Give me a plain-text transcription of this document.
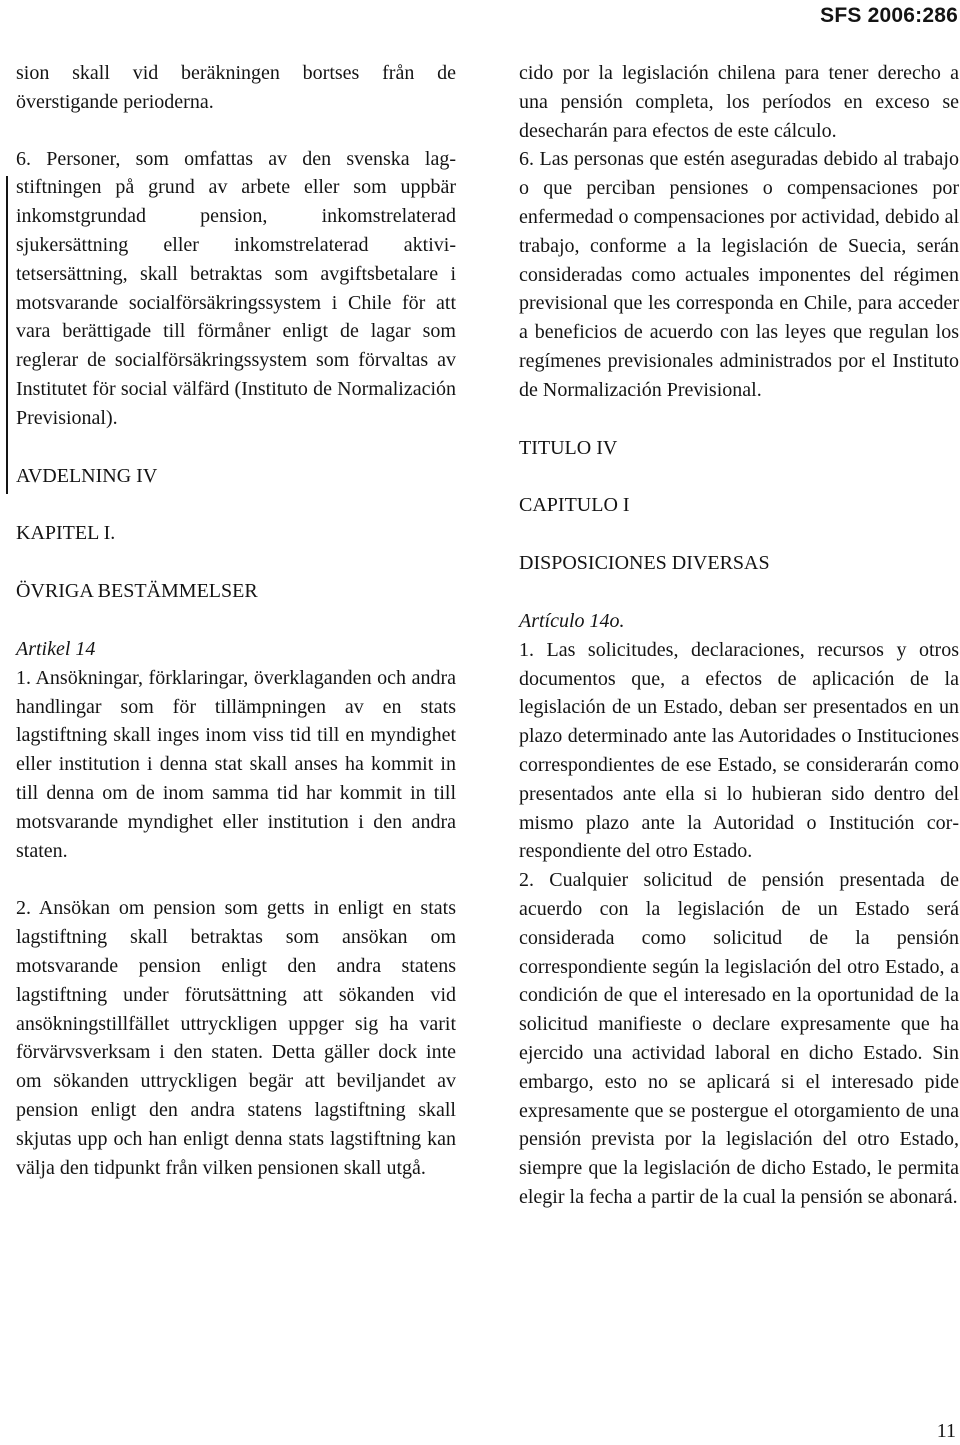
SFS 2006:286

sion skall vid beräkningen bortses från de överstigande perioderna.

6. Personer, som omfattas av den svenska lagstiftningen på grund av arbete eller som uppbär inkomstgrundad pension, inkomstrelaterad sjukersättning eller inkomstrelaterad aktivitetsersättning, skall betraktas som avgiftsbetalare i motsvarande socialförsäkringssystem i Chile för att vara berättigade till förmåner enligt de lagar som reglerar de socialförsäkringssystem som förvaltas av Institutet för social välfärd (Instituto de Normalización Previsional).

AVDELNING IV

KAPITEL I.

ÖVRIGA BESTÄMMELSER

Artikel 14

1. Ansökningar, förklaringar, överklaganden och andra handlingar som för tillämpningen av en stats lagstiftning skall inges inom viss tid till en myndighet eller institution i denna stat skall anses ha kommit in till denna om de inom samma tid har kommit in till motsvarande myndighet eller institution i den andra staten.

2. Ansökan om pension som getts in enligt en stats lagstiftning skall betraktas som ansökan om motsvarande pension enligt den andra statens lagstiftning under förutsättning att sökanden vid ansökningstillfället uttryckligen uppger sig ha varit förvärvsverksam i den staten. Detta gäller dock inte om sökanden uttryckligen begär att beviljandet av pension enligt den andra statens lagstiftning skall skjutas upp och han enligt denna stats lagstiftning kan välja den tidpunkt från vilken pensionen skall utgå.

cido por la legislación chilena para tener derecho a una pensión completa, los períodos en exceso se desecharán para efectos de este cálculo.

6. Las personas que estén aseguradas debido al trabajo o que perciban pensiones o compensaciones por enfermedad o compensaciones por actividad, debido al trabajo, conforme a la legislación de Suecia, serán consideradas como actuales imponentes del régimen previsional que les corresponda en Chile, para acceder a beneficios de acuerdo con las leyes que regulan los regímenes previsionales administrados por el Instituto de Normalización Previsional.

TITULO IV

CAPITULO I

DISPOSICIONES DIVERSAS

Artículo 14o.

1. Las solicitudes, declaraciones, recursos y otros documentos que, a efectos de aplicación de la legislación de un Estado, deban ser presentados en un plazo determinado ante las Autoridades o Instituciones correspondientes de ese Estado, se considerarán como presentados ante ella si lo hubieran sido dentro del mismo plazo ante la Autoridad o Institución correspondiente del otro Estado.

2. Cualquier solicitud de pensión presentada de acuerdo con la legislación de un Estado será considerada como solicitud de la pensión correspondiente según la legislación del otro Estado, a condición de que el interesado en la oportunidad de la solicitud manifieste o declare expresamente que ha ejercido una actividad laboral en dicho Estado. Sin embargo, esto no se aplicará si el interesado pide expresamente que se postergue el otorgamiento de una pensión prevista por la legislación del otro Estado, siempre que la legislación de dicho Estado, le permita elegir la fecha a partir de la cual la pensión se abonará.

11
